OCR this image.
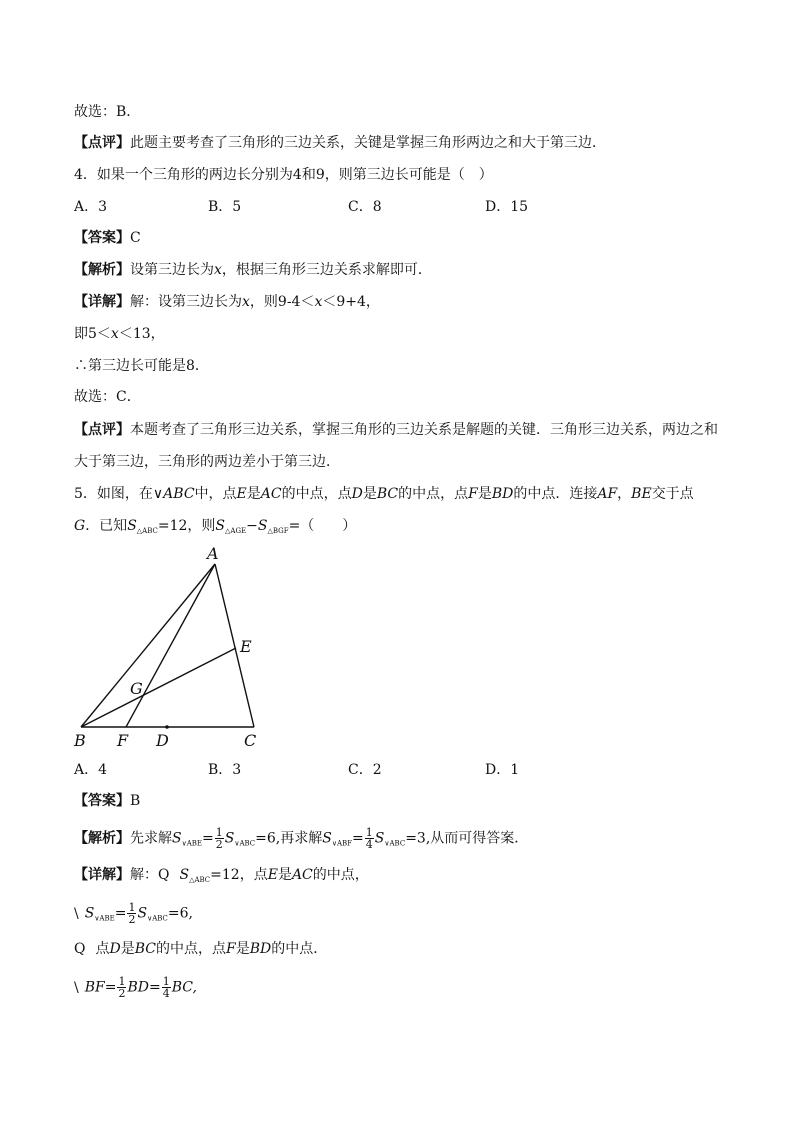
故选：B．
【点评】此题主要考查了三角形的三边关系，关键是掌握三角形两边之和大于第三边．
4．如果一个三角形的两边长分别为4和9，则第三边长可能是（　）
A．3	B．5	C．8	D．15
【答案】C
【解析】设第三边长为x，根据三角形三边关系求解即可．
【详解】解：设第三边长为x，则9-4＜x＜9+4，
即5＜x＜13，
∴第三边长可能是8．
故选：C．
【点评】本题考查了三角形三边关系，掌握三角形的三边关系是解题的关键．三角形三边关系，两边之和
大于第三边，三角形的两边差小于第三边．
5．如图，在∨ABC中，点E是AC的中点，点D是BC的中点，点F是BD的中点．连接AF，BE交于点
G．已知$S_{\triangle ABC}=12$，则$S_{\triangle AGE}-S_{\triangle BGF}=$（　　）
A
E
G
B F D	C
A．4	B．3	C．2	D．1
【答案】B
【解析】先求解$S_{\vee ABE}= \frac{1}{2} S_{\vee ABC}=6$,再求解$S_{\vee ABF}= \frac{1}{4} S_{\vee ABC}=3$,从而可得答案．
【详解】解：Q $S_{\triangle ABC}=12$，点E是AC的中点，
\ $S_{\vee ABE}= \frac{1}{2} S_{\vee ABC}=6$,
Q 点D是BC的中点，点F是BD的中点．
\ $BF= \frac{1}{2} BD= \frac{1}{4}$ BC,
